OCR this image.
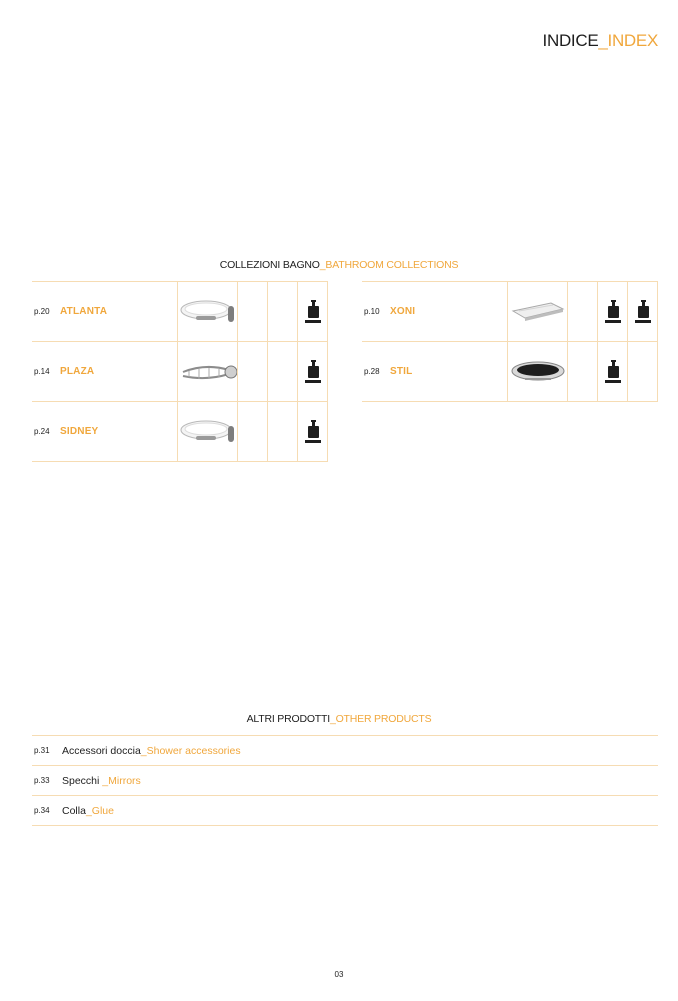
INDICE_INDEX
COLLEZIONI BAGNO_BATHROOM COLLECTIONS
p.20 ATLANTA

p.14 PLAZA

p.24 SIDNEY

p.10 XONI

p.28 STIL

ALTRI PRODOTTI_OTHER PRODUCTS
p.31	Accessori doccia _Shower accessories
p.33	Specchi _Mirrors
p.34	Colla _Glue
03
